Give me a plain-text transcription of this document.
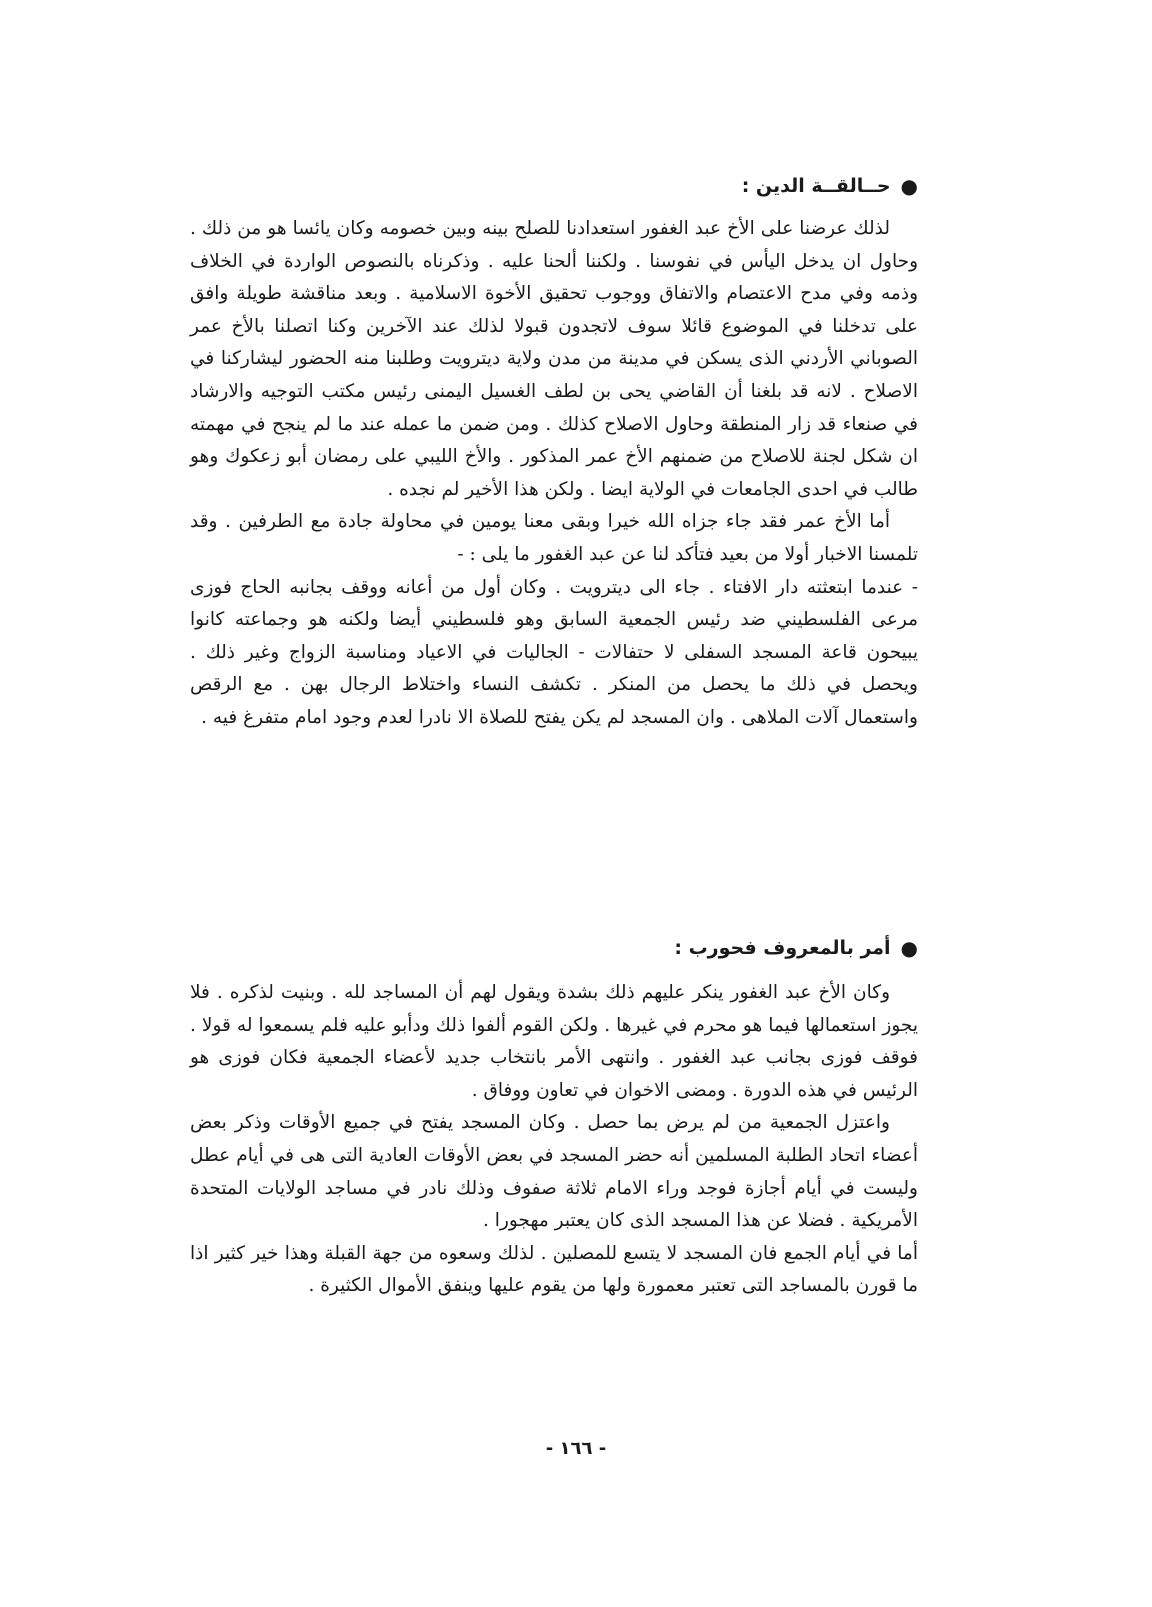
●
حــالقــة الدين :

لذلك عرضنا على الأخ عبد الغفور استعدادنا للصلح بينه وبين خصومه وكان يائسا هو من ذلك . وحاول ان يدخل اليأس في نفوسنا . ولكننا ألحنا عليه . وذكرناه بالنصوص الواردة في الخلاف وذمه وفي مدح الاعتصام والاتفاق ووجوب تحقيق الأخوة الاسلامية . وبعد مناقشة طويلة وافق على تدخلنا في الموضوع قائلا سوف لاتجدون قبولا لذلك عند الآخرين وكنا اتصلنا بالأخ عمر الصوباني الأردني الذى يسكن في مدينة من مدن ولاية ديترويت وطلبنا منه الحضور ليشاركنا في الاصلاح . لانه قد بلغنا أن القاضي يحى بن لطف الغسيل اليمنى رئيس مكتب التوجيه والارشاد في صنعاء قد زار المنطقة وحاول الاصلاح كذلك . ومن ضمن ما عمله عند ما لم ينجح في مهمته ان شكل لجنة للاصلاح من ضمنهم الأخ عمر المذكور . والأخ الليبي على رمضان أبو زعكوك وهو طالب في احدى الجامعات في الولاية ايضا . ولكن هذا الأخير لم نجده .

أما الأخ عمر فقد جاء جزاه الله خيرا وبقى معنا يومين في محاولة جادة مع الطرفين . وقد تلمسنا الاخبار أولا من بعيد فتأكد لنا عن عبد الغفور ما يلى : -

- عندما ابتعثته دار الافتاء . جاء الى ديترويت . وكان أول من أعانه ووقف بجانبه الحاج فوزى مرعى الفلسطيني ضد رئيس الجمعية السابق وهو فلسطيني أيضا ولكنه هو وجماعته كانوا يبيحون قاعة المسجد السفلى لا حتفالات - الجاليات في الاعياد ومناسبة الزواج وغير ذلك . ويحصل في ذلك ما يحصل من المنكر . تكشف النساء واختلاط الرجال بهن . مع الرقص واستعمال آلات الملاهى . وان المسجد لم يكن يفتح للصلاة الا نادرا لعدم وجود امام متفرغ فيه .

●
أمر بالمعروف فحورب :

وكان الأخ عبد الغفور ينكر عليهم ذلك بشدة ويقول لهم أن المساجد لله . وبنيت لذكره . فلا يجوز استعمالها فيما هو محرم في غيرها . ولكن القوم ألفوا ذلك ودأبو عليه فلم يسمعوا له قولا . فوقف فوزى بجانب عبد الغفور . وانتهى الأمر بانتخاب جديد لأعضاء الجمعية فكان فوزى هو الرئيس في هذه الدورة . ومضى الاخوان في تعاون ووفاق .

واعتزل الجمعية من لم يرض بما حصل . وكان المسجد يفتح في جميع الأوقات وذكر بعض أعضاء اتحاد الطلبة المسلمين أنه حضر المسجد في بعض الأوقات العادية التى هى في أيام عطل وليست في أيام أجازة فوجد وراء الامام ثلاثة صفوف وذلك نادر في مساجد الولايات المتحدة الأمريكية . فضلا عن هذا المسجد الذى كان يعتبر مهجورا .

أما في أيام الجمع فان المسجد لا يتسع للمصلين . لذلك وسعوه من جهة القبلة وهذا خير كثير اذا ما قورن بالمساجد التى تعتبر معمورة ولها من يقوم عليها وينفق الأموال الكثيرة .

- ١٦٦ -
